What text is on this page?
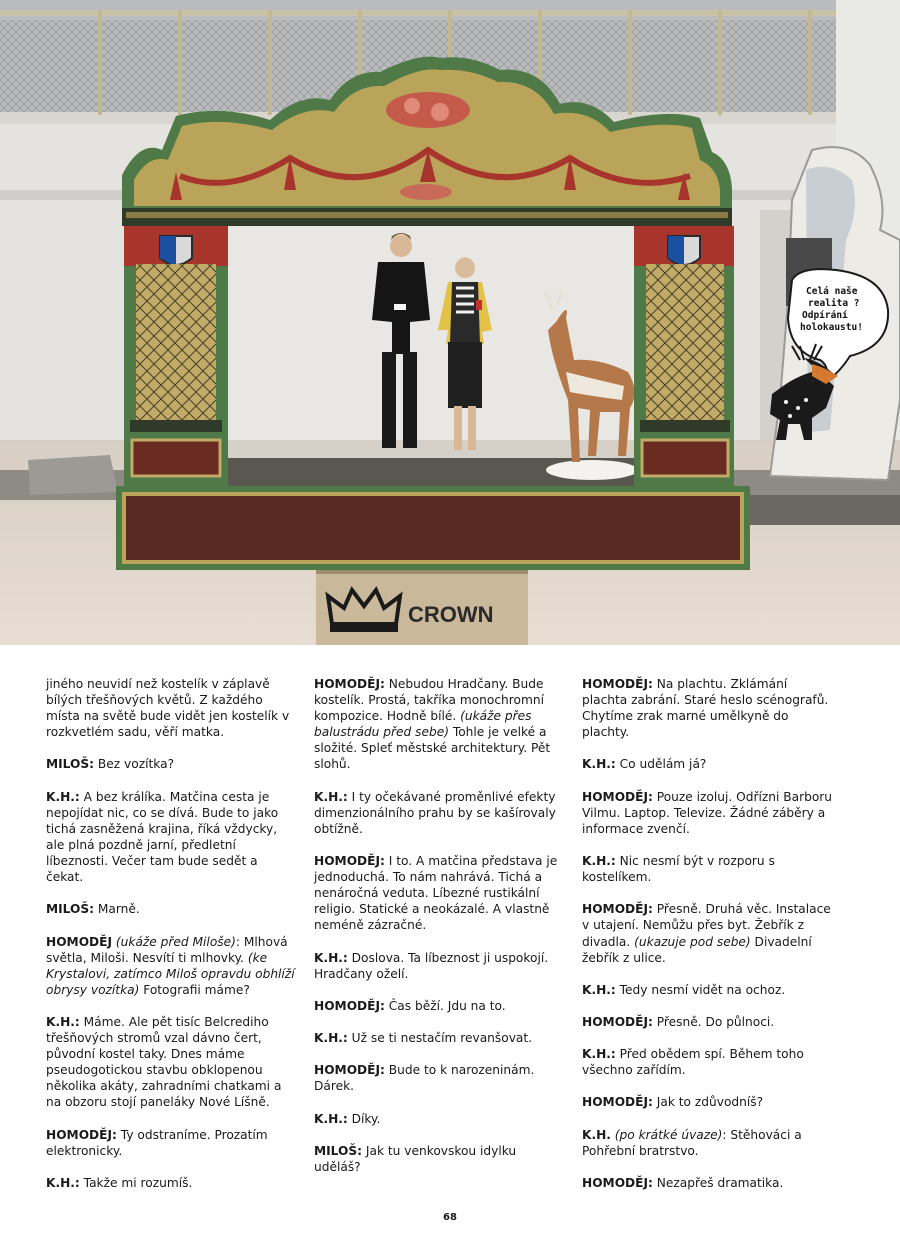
CROWN
Celá naše
realita ?
Odpírání
holokaustu!

jiného neuvidí než kostelík v záplavě bílých třešňových květů. Z každého místa na světě bude vidět jen kostelík v rozkvetlém sadu, věří matka.

MILOŠ: Bez vozítka?

K.H.: A bez králíka. Matčina cesta je nepojídat nic, co se dívá. Bude to jako tichá zasněžená krajina, říká vždycky, ale plná pozdně jarní, předletní líbeznosti. Večer tam bude sedět a čekat.

MILOŠ: Marně.

HOMODĚJ (ukáže před Miloše): Mlhová světla, Miloši. Nesvítí ti mlhovky. (ke Krystalovi, zatímco Miloš opravdu obhlíží obrysy vozítka) Fotografii máme?

K.H.: Máme. Ale pět tisíc Belcrediho třešňových stromů vzal dávno čert, původní kostel taky. Dnes máme pseudogotickou stavbu obklopenou několika akáty, zahradními chatkami a na obzoru stojí paneláky Nové Líšně.

HOMODĚJ: Ty odstraníme. Prozatím elektronicky.

K.H.: Takže mi rozumíš.

HOMODĚJ: Nebudou Hradčany. Bude kostelík. Prostá, takříka monochromní kompozice. Hodně bílé. (ukáže přes balustrádu před sebe) Tohle je velké a složité. Spleť městské architektury. Pět slohů.

K.H.: I ty očekávané proměnlivé efekty dimenzionálního prahu by se kašírovaly obtížně.

HOMODĚJ: I to. A matčina představa je jednoduchá. To nám nahrává. Tichá a nenáročná veduta. Líbezné rustikální religio. Statické a neokázalé. A vlastně neméně zázračné.

K.H.: Doslova. Ta líbeznost ji uspokojí. Hradčany oželí.

HOMODĚJ: Čas běží. Jdu na to.

K.H.: Už se ti nestačím revanšovat.

HOMODĚJ: Bude to k narozeninám. Dárek.

K.H.: Díky.

MILOŠ: Jak tu venkovskou idylku uděláš?

HOMODĚJ: Na plachtu. Zklámání plachta zabrání. Staré heslo scénografů. Chytíme zrak marné umělkyně do plachty.

K.H.: Co udělám já?

HOMODĚJ: Pouze izoluj. Odřízni Barboru Vilmu. Laptop. Televize. Žádné záběry a informace zvenčí.

K.H.: Nic nesmí být v rozporu s kostelíkem.

HOMODĚJ: Přesně. Druhá věc. Instalace v utajení. Nemůžu přes byt. Žebřík z divadla. (ukazuje pod sebe) Divadelní žebřík z ulice.

K.H.: Tedy nesmí vidět na ochoz.

HOMODĚJ: Přesně. Do půlnoci.

K.H.: Před obědem spí. Během toho všechno zařídím.

HOMODĚJ: Jak to zdůvodníš?

K.H. (po krátké úvaze): Stěhováci a Pohřební bratrstvo.

HOMODĚJ: Nezapřeš dramatika.

68
